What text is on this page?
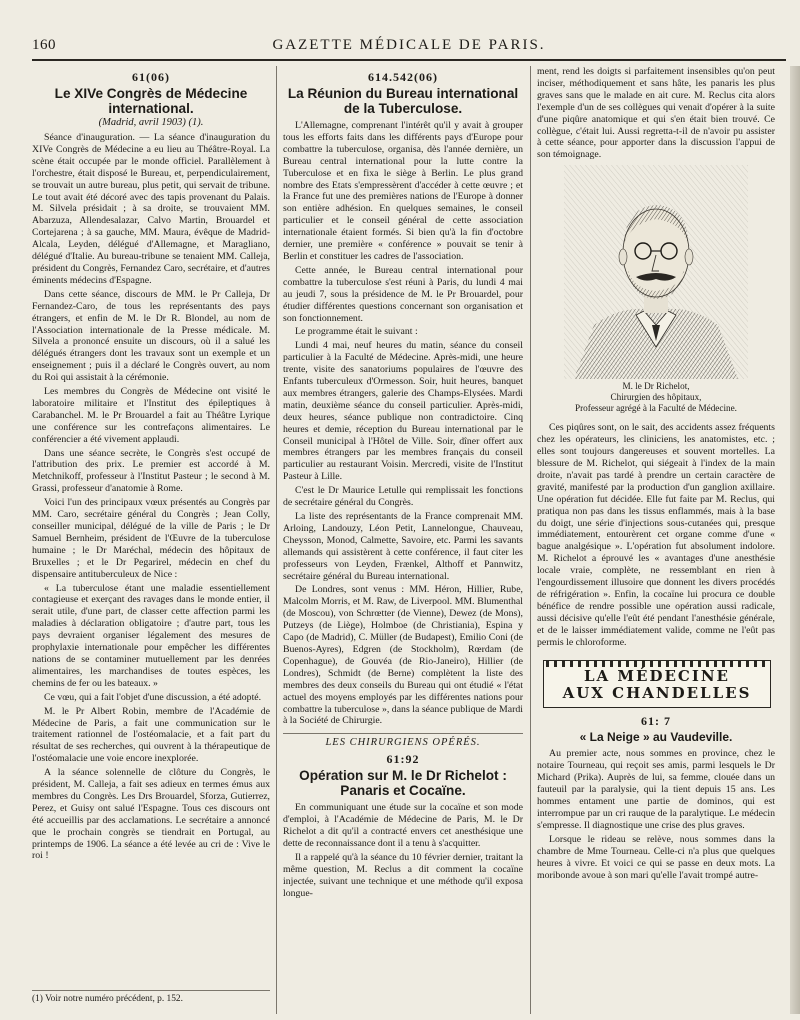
160	GAZETTE MÉDICALE DE PARIS.
61(06)
Le XIVe Congrès de Médecine international.
(Madrid, avril 1903) (1).

Séance d'inauguration. — La séance d'inauguration du XIVe Congrès de Médecine a eu lieu au Théâtre-Royal. La scène était occupée par le monde officiel. Parallèlement à l'orchestre, était disposé le Bureau, et, perpendiculairement, se trouvait un autre bureau, plus petit, qui servait de tribune. Le tout avait été décoré avec des tapis provenant du Palais. M. Silvela présidait ; à sa droite, se trouvaient MM. Abarzuza, Allendesalazar, Calvo Martin, Brouardel et Cortejarena ; à sa gauche, MM. Maura, évêque de Madrid-Alcala, Leyden, délégué d'Allemagne, et Maragliano, délégué d'Italie. Au bureau-tribune se tenaient MM. Calleja, président du Congrès, Fernandez Caro, secrétaire, et d'autres éminents médecins d'Espagne.

Dans cette séance, discours de MM. le Pr Calleja, Dr Fernandez-Caro, de tous les représentants des pays étrangers, et enfin de M. le Dr R. Blondel, au nom de l'Association internationale de la Presse médicale. M. Silvela a prononcé ensuite un discours, où il a salué les délégués étrangers dont les travaux sont un exemple et un enseignement ; puis il a déclaré le Congrès ouvert, au nom du Roi qui assistait à la cérémonie.

Les membres du Congrès de Médecine ont visité le laboratoire militaire et l'Institut des épileptiques à Carabanchel. M. le Pr Brouardel a fait au Théâtre Lyrique une conférence sur les contrefaçons alimentaires. Le conférencier a été vivement applaudi.

Dans une séance secrète, le Congrès s'est occupé de l'attribution des prix. Le premier est accordé à M. Metchnikoff, professeur à l'Institut Pasteur ; le second à M. Grassi, professeur d'anatomie à Rome.

Voici l'un des principaux vœux présentés au Congrès par MM. Caro, secrétaire général du Congrès ; Jean Colly, conseiller municipal, délégué de la ville de Paris ; le Dr Samuel Bernheim, président de l'Œuvre de la tuberculose humaine ; le Dr Maréchal, médecin des hôpitaux de Bruxelles ; et le Dr Pegarirel, médecin en chef du dispensaire antituberculeux de Nice :

« La tuberculose étant une maladie essentiellement contagieuse et exerçant des ravages dans le monde entier, il serait utile, d'une part, de classer cette affection parmi les maladies à déclaration obligatoire ; d'autre part, tous les pays devraient organiser légalement des mesures de prophylaxie internationale pour empêcher les différentes nations de se contaminer mutuellement par les denrées alimentaires, les marchandises de toutes espèces, les chemins de fer ou les bateaux. »

Ce vœu, qui a fait l'objet d'une discussion, a été adopté.

M. le Pr Albert Robin, membre de l'Académie de Médecine de Paris, a fait une communication sur le traitement rationnel de l'ostéomalacie, et a fait part du résultat de ses recherches, qui ouvrent à la thérapeutique de l'ostéomalacie une voie encore inexplorée.

A la séance solennelle de clôture du Congrès, le président, M. Calleja, a fait ses adieux en termes émus aux membres du Congrès. Les Drs Brouardel, Sforza, Gutierrez, Perez, et Guisy ont salué l'Espagne. Tous ces discours ont été accueillis par des acclamations. Le secrétaire a annoncé que le prochain congrès se tiendrait en Portugal, au printemps de 1906. La séance a été levée au cri de : Vive le roi !

(1) Voir notre numéro précédent, p. 152.
614.542(06)
La Réunion du Bureau international de la Tuberculose.

L'Allemagne, comprenant l'intérêt qu'il y avait à grouper tous les efforts faits dans les différents pays d'Europe pour combattre la tuberculose, organisa, dès l'année dernière, un Bureau central international pour la lutte contre la Tuberculose et en fixa le siège à Berlin. Le plus grand nombre des Etats s'empressèrent d'accéder à cette œuvre ; et la France fut une des premières nations de l'Europe à donner son entière adhésion. En quelques semaines, le conseil particulier et le conseil général de cette association internationale étaient formés. Si bien qu'à la fin d'octobre dernier, une première « conférence » pouvait se tenir à Berlin et constituer les cadres de l'association.

Cette année, le Bureau central international pour combattre la tuberculose s'est réuni à Paris, du lundi 4 mai au jeudi 7, sous la présidence de M. le Pr Brouardel, pour étudier différentes questions concernant son organisation et son fonctionnement.

Le programme était le suivant :

Lundi 4 mai, neuf heures du matin, séance du conseil particulier à la Faculté de Médecine. Après-midi, une heure trente, visite des sanatoriums populaires de l'œuvre des Enfants tuberculeux d'Ormesson. Soir, huit heures, banquet aux membres étrangers, galerie des Champs-Elysées. Mardi matin, deuxième séance du conseil particulier. Après-midi, deux heures, séance publique non contradictoire. Cinq heures et demie, réception du Bureau international par le Conseil municipal à l'Hôtel de Ville. Soir, dîner offert aux membres étrangers par les membres français du conseil particulier au restaurant Voisin. Mercredi, visite de l'Institut Pasteur à Lille.

C'est le Dr Maurice Letulle qui remplissait les fonctions de secrétaire général du Congrès.

La liste des représentants de la France comprenait MM. Arloing, Landouzy, Léon Petit, Lannelongue, Chauveau, Cheysson, Monod, Calmette, Savoire, etc. Parmi les savants allemands qui assistèrent à cette conférence, il faut citer les professeurs von Leyden, Frænkel, Althoff et Pannwitz, secrétaire général du Bureau international.

De Londres, sont venus : MM. Héron, Hillier, Rube, Malcolm Morris, et M. Raw, de Liverpool. MM. Blumenthal (de Moscou), von Schrœtter (de Vienne), Dewez (de Mons), Putzeys (de Liège), Holmboe (de Christiania), Espina y Capo (de Madrid), C. Müller (de Budapest), Emilio Coni (de Buenos-Ayres), Edgren (de Stockholm), Rœrdam (de Copenhague), de Gouvéa (de Rio-Janeiro), Hillier (de Londres), Schmidt (de Berne) complètent la liste des membres des deux conseils du Bureau qui ont étudié « l'état actuel des moyens employés par les différentes nations pour combattre la tuberculose », dans la séance publique de Mardi à la Société de Chirurgie.

LES CHIRURGIENS OPÉRÉS.
61:92
Opération sur M. le Dr Richelot : Panaris et Cocaïne.

En communiquant une étude sur la cocaïne et son mode d'emploi, à l'Académie de Médecine de Paris, M. le Dr Richelot a dit qu'il a contracté envers cet anesthésique une dette de reconnaissance dont il a tenu à s'acquitter.

Il a rappelé qu'à la séance du 10 février dernier, traitant la même question, M. Reclus a dit comment la cocaïne injectée, suivant une technique et une méthode qu'il exposa longue-

ment, rend les doigts si parfaitement insensibles qu'on peut inciser, méthodiquement et sans hâte, les panaris les plus graves sans que le malade en ait cure. M. Reclus cita alors l'exemple d'un de ses collègues qui venait d'opérer à la suite d'une piqûre anatomique et qui s'en était bien trouvé. Ce collègue, c'était lui. Aussi regretta-t-il de n'avoir pu assister à cette séance, pour apporter dans la discussion l'appui de son témoignage.

M. le Dr Richelot,
Chirurgien des hôpitaux,
Professeur agrégé à la Faculté de Médecine.

Ces piqûres sont, on le sait, des accidents assez fréquents chez les opérateurs, les cliniciens, les anatomistes, etc. ; elles sont toujours dangereuses et souvent mortelles. La blessure de M. Richelot, qui siégeait à l'index de la main droite, n'avait pas tardé à prendre un certain caractère de gravité, manifesté par la production d'un ganglion axillaire. Une opération fut décidée. Elle fut faite par M. Reclus, qui pratiqua non pas dans les tissus enflammés, mais à la base du doigt, une série d'injections sous-cutanées qui, presque immédiatement, entourèrent cet organe comme d'une « bague analgésique ». L'opération fut absolument indolore. M. Richelot a éprouvé les « avantages d'une anesthésie locale vraie, complète, ne ressemblant en rien à l'engourdissement illusoire que donnent les divers procédés de réfrigération ». Enfin, la cocaïne lui procura ce double bénéfice de rendre possible une opération aussi radicale, aussi décisive qu'elle l'eût été pendant l'anesthésie générale, et de le laisser immédiatement valide, comme ne l'eût pas permis le chloroforme.

LA MÉDECINE
AUX CHANDELLES
61: 7
« La Neige » au Vaudeville.

Au premier acte, nous sommes en province, chez le notaire Tourneau, qui reçoit ses amis, parmi lesquels le Dr Michard (Prika). Auprès de lui, sa femme, clouée dans un fauteuil par la paralysie, qui la tient depuis 15 ans. Les hommes entament une partie de dominos, qui est interrompue par un cri rauque de la paralytique. Le médecin s'empresse. Il diagnostique une crise des plus graves.

Lorsque le rideau se relève, nous sommes dans la chambre de Mme Tourneau. Celle-ci n'a plus que quelques heures à vivre. Et voici ce qui se passe en deux mots. La moribonde avoue à son mari qu'elle l'avait trompé autre-
